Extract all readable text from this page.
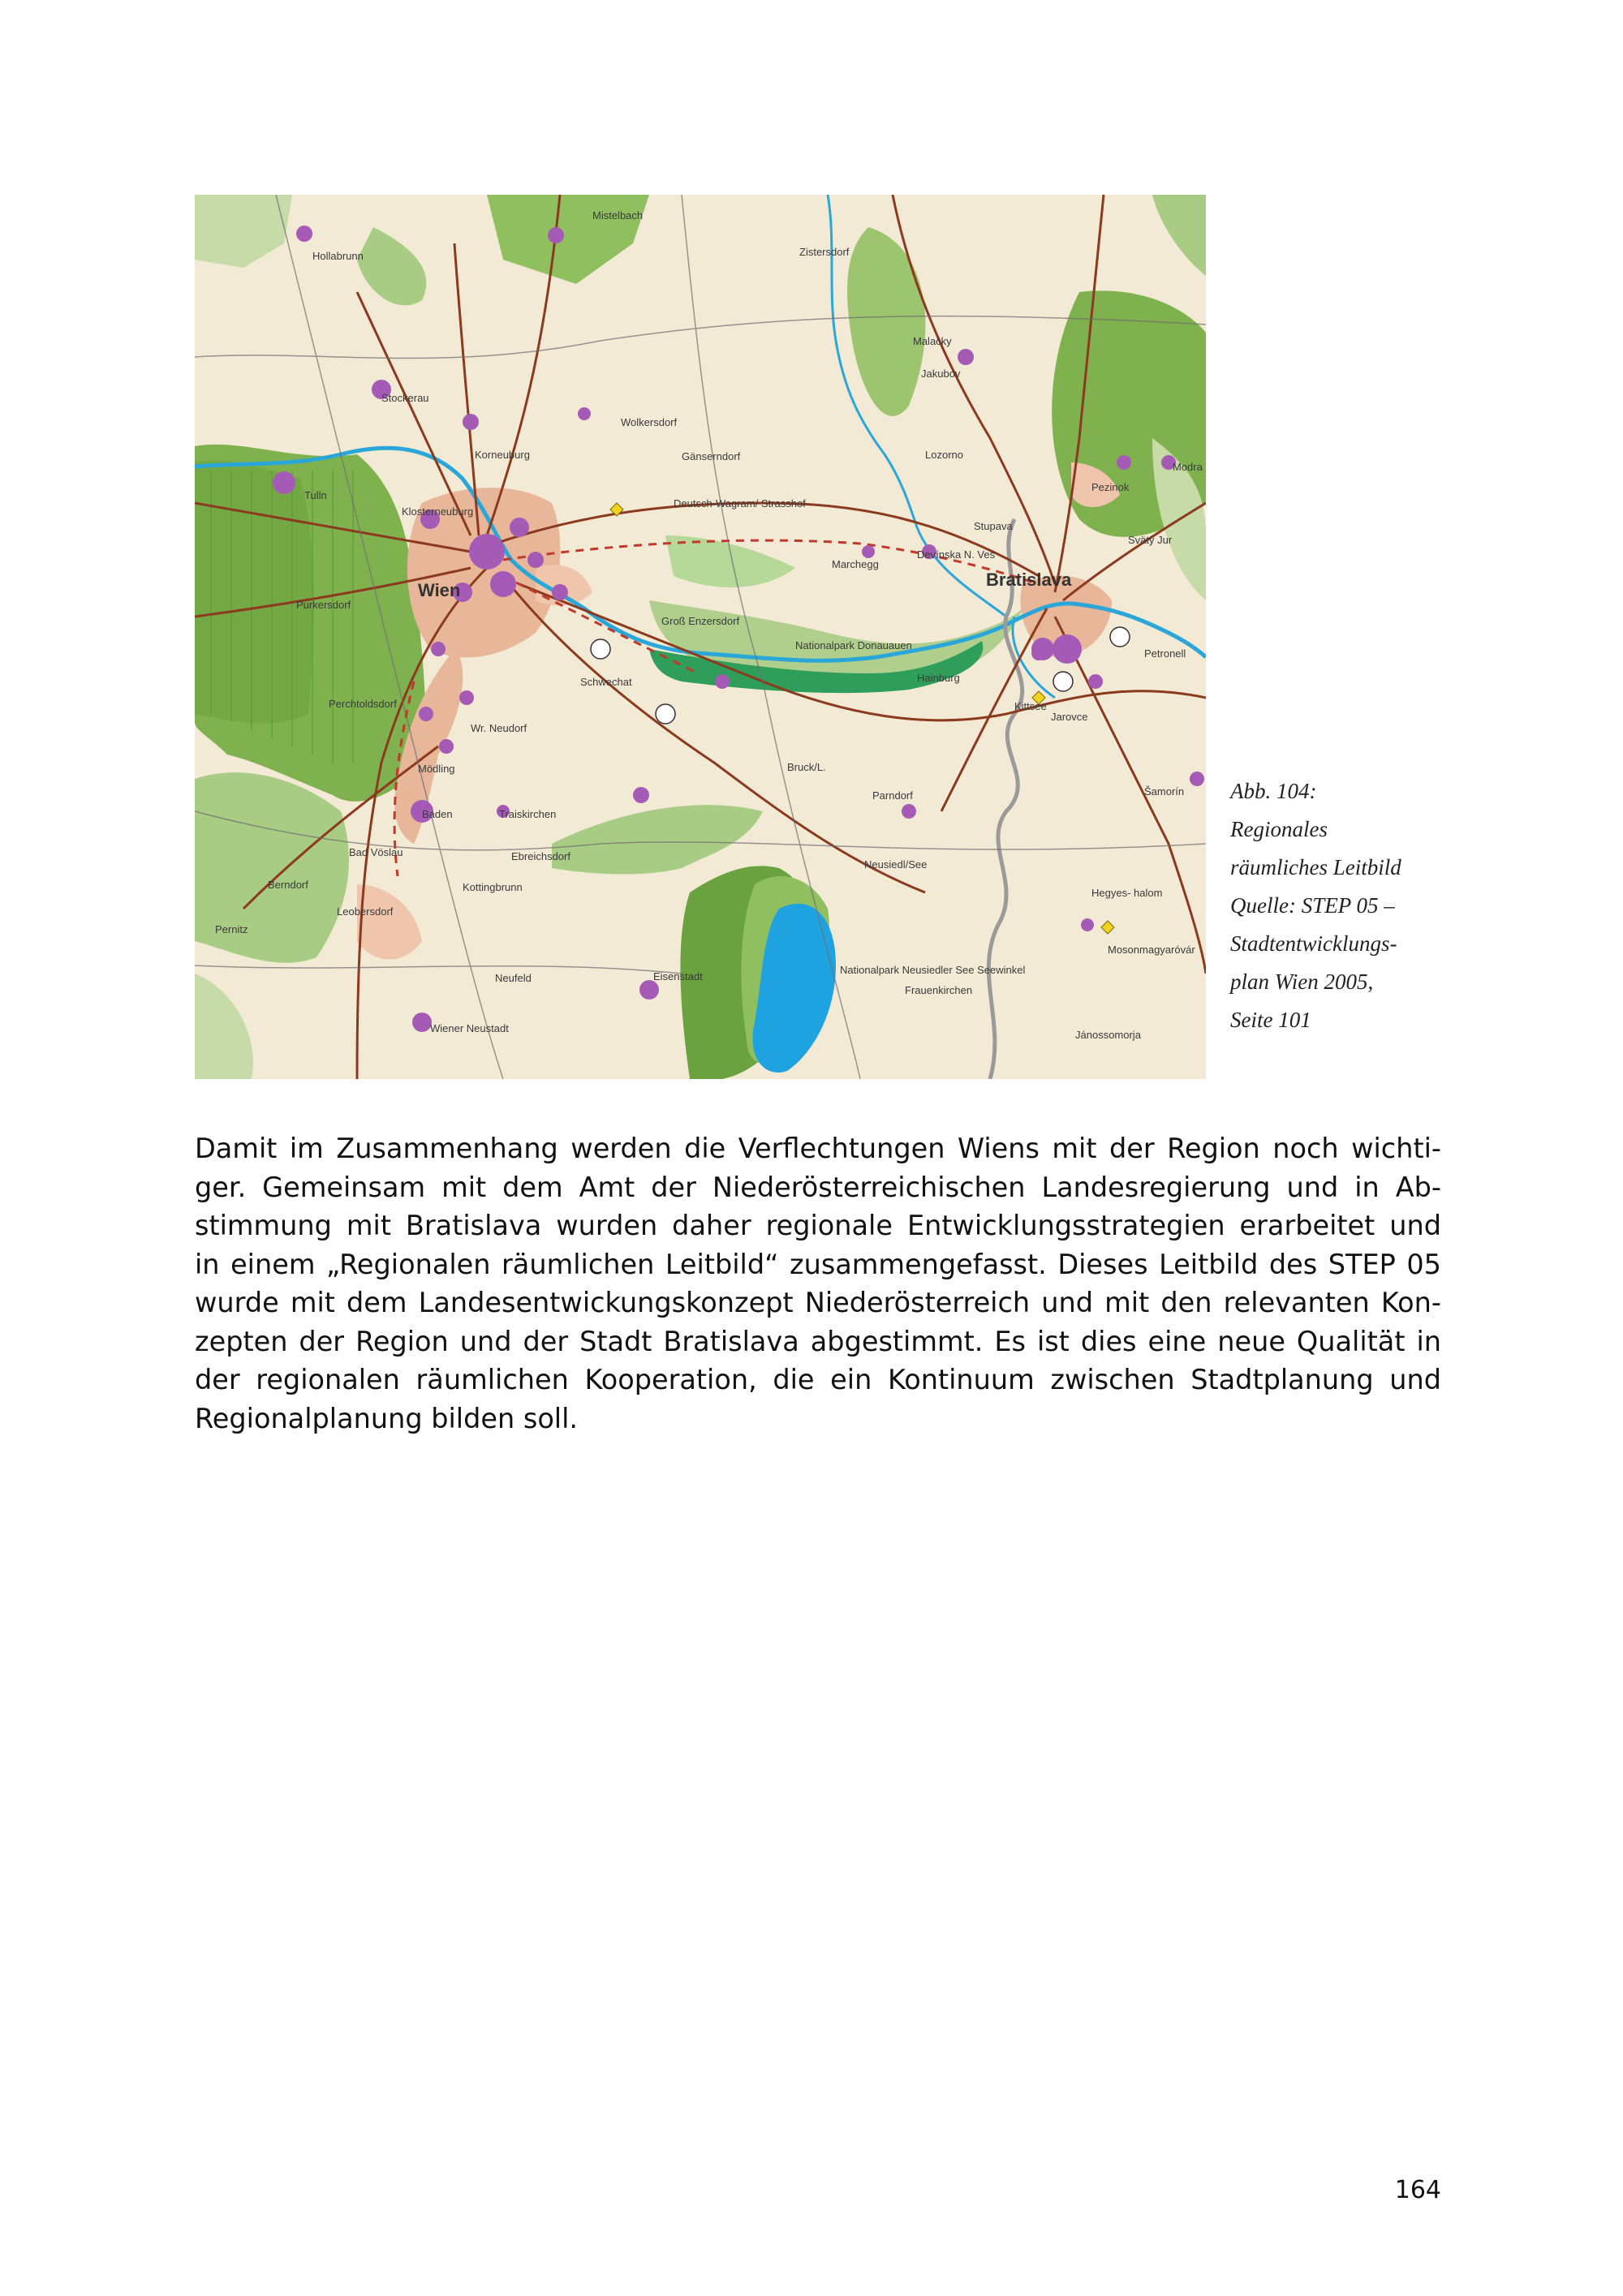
Mistelbach
Hollabrunn	Zistersdorf
Malacky
Jakubov
Stockerau
Wolkersdorf
Lozorno
Modra
Pezinok
Korneuburg	Gänserndorf
Tulln
Klosterneuburg
Deutsch-Wagram/ Strasshof
Stupava
Svätý Jur
Marchegg
Devínska N. Ves
Bratislava
Wien
Purkersdorf
Groß Enzersdorf
Nationalpark Donauauen
Hainburg
Schwechat
Kittsee
Jarovce
Petronell
Perchtoldsdorf
Wr. Neudorf
Mödling	Bruck/L.
Parndorf	Šamorín
Baden	Traiskirchen
Bad Vöslau	Ebreichsdorf
Neusiedl/See
Berndorf	Kottingbrunn
Leobersdorf
Hegyes- halom
Pernitz
Neufeld	Eisenstadt
Frauenkirchen
Mosonmagyaróvár
Wiener Neustadt
Jánossomorja
Nationalpark Neusiedler See Seewinkel
Abb. 104:
Regionales
räumliches Leitbild
Quelle: STEP 05 –
Stadtentwicklungs-
plan Wien 2005,
Seite 101
Damit im Zusammenhang werden die Verflechtungen Wiens mit der Region noch wichti-
ger. Gemeinsam mit dem Amt der Niederösterreichischen Landesregierung und in Ab-
stimmung mit Bratislava wurden daher regionale Entwicklungsstrategien erarbeitet und
in einem „Regionalen räumlichen Leitbild“ zusammengefasst. Dieses Leitbild des STEP 05
wurde mit dem Landesentwickungskonzept Niederösterreich und mit den relevanten Kon-
zepten der Region und der Stadt Bratislava abgestimmt. Es ist dies eine neue Qualität in
der regionalen räumlichen Kooperation, die ein Kontinuum zwischen Stadtplanung und
Regionalplanung bilden soll.
164
